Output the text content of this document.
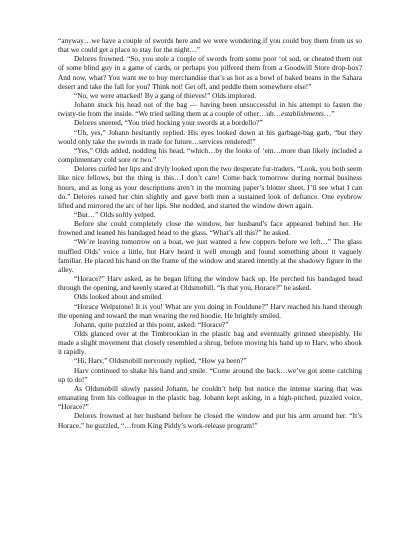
“anyway…we have a couple of swords here and we were wondering if you could buy them from us so that we could get a place to stay for the night…”

Delores frowned. “So, you stole a couple of swords from some poor ‘ol sod, or cheated them out of some blind guy in a game of cards, or perhaps you pilfered them from a Goodwill Store drop-box? And now, what? You want me to buy merchandise that’s as hot as a bowl of baked beans in the Sahara desert and take the fall for you? Think not! Get off, and peddle them somewhere else!”

“No, we were attacked! By a gang of thieves!” Olds implored.

Johann stuck his head out of the bag — having been unsuccessful in his attempt to fasten the twisty-tie from the inside. “We tried selling them at a couple of other…uh…establishments…”

Delores sneered, “You tried hocking your swords at a bordello?”

“Uh, yes,” Johann hesitantly replied. His eyes looked down at his garbage-bag garb, “but they would only take the swords in trade for future…services rendered!”

“Yes,” Olds added, nodding his head, “which…by the looks of ‘em…more than likely included a complimentary cold sore or two.”

Delores curled her lips and dryly looked upon the two desperate fur-traders. “Look, you both seem like nice fellows, but the thing is this…I don’t care! Come back tomorrow during normal business hours, and as long as your descriptions aren’t in the morning paper’s blotter sheet, I’ll see what I can do.” Delores raised her chin slightly and gave both men a sustained look of defiance. One eyebrow lifted and mirrored the arc of her lips. She nodded, and started the window down again.

“But…” Olds softly yelped.

Before she could completely close the window, her husband’s face appeared behind her. He frowned and leaned his bandaged head to the glass. “What’s all this?” he asked.

“We’re leaving tomorrow on a boat, we just wanted a few coppers before we left…” The glass muffled Olds’ voice a little, but Harv heard it well enough and found something about it vaguely familiar. He placed his hand on the frame of the window and stared intently at the shadowy figure in the alley.

“Horace?” Harv asked, as he began lifting the window back up. He perched his bandaged head through the opening, and keenly stared at Oldsmobill. “Is that you, Horace?” he asked.

Olds looked about and smiled.

“Horace Welpstone! It is you! What are you doing in Fouldune?” Harv reached his hand through the opening and toward the man wearing the red hoodie. He brightly smiled.

Johann, quite puzzled at this point, asked: “Horace?”

Olds glanced over at the Timbrookian in the plastic bag and eventually grinned sheepishly. He made a slight movement that closely resembled a shrug, before moving his hand up to Harv, who shook it rapidly.

“Hi, Harv,” Oldsmobill nervously replied, “How ya been?”

Harv continued to shake his hand and smile. “Come around the back…we’ve got some catching up to do!”

As Oldsmobill slowly passed Johann, he couldn’t help but notice the intense staring that was emanating from his colleague in the plastic bag. Johann kept asking, in a high-pitched, puzzled voice, “Horace?”

Delores frowned at her husband before he closed the window and put his arm around her. “It’s Horace,” he guzzled, “…from King Piddy’s work-release program!”
